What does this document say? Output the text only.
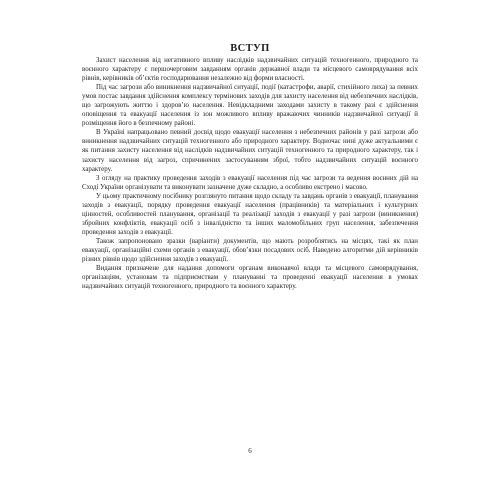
ВСТУП

Захист населення від негативного впливу наслідків надзвичайних ситуацій техногенного, природного та воєнного характеру є першочерговим завданням органів державної влади та місцевого самоврядування всіх рівнів, керівників об’єктів господарювання незалежно від форми власності.

Під час загрози або виникнення надзвичайної ситуації, події (катастрофи, аварії, стихійного лиха) за певних умов постає завдання здійснення комплексу термінових заходів для захисту населення від небезпечних наслідків, що загрожують життю і здоров’ю населення. Невідкладними заходами захисту в такому разі є здійснення оповіщення та евакуації населення із зон можливого впливу вражаючих чинників надзвичайної ситуації й розміщення його в безпечному районі.

В Україні напрацьовано певний досвід щодо евакуації населення з небезпечних районів у разі загрози або виникнення надзвичайних ситуацій техногенного або природного характеру. Водночас нині дуже актуальними є як питання захисту населення від наслідків надзвичайних ситуацій техногенного та природного характеру, так і захисту населення від загроз, спричинених застосуванням зброї, тобто надзвичайних ситуацій воєнного характеру.

З огляду на практику проведення заходів з евакуації населення під час загрози та ведення воєнних дій на Сході України організувати та виконувати зазначене дуже складно, а особливо екстрено і масово.

У цьому практичному посібнику розглянуто питання щодо складу та завдань органів з евакуації, планування заходів з евакуації, порядку проведення евакуації населення (працівників) та матеріальних і культурних цінностей, особливостей планування, організації та реалізації заходів з евакуації у разі загрози (виникнення) збройних конфліктів, евакуації осіб з інвалідністю та інших маломобільних груп населення, забезпечення проведення заходів з евакуації.

Також запропоновано зразки (варіанти) документів, що мають розроблятись на місцях, такі як план евакуації, організаційні схеми органів з евакуації, обов’язки посадових осіб. Наведено алгоритми дій керівників різних рівнів щодо здійснення заходів з евакуації.

Видання призначене для надання допомоги органам виконавчої влади та місцевого самоврядування, організаціям, установам та підприємствам у плануванні та проведенні евакуації населення в умовах надзвичайних ситуацій техногенного, природного та воєнного характеру.

6
